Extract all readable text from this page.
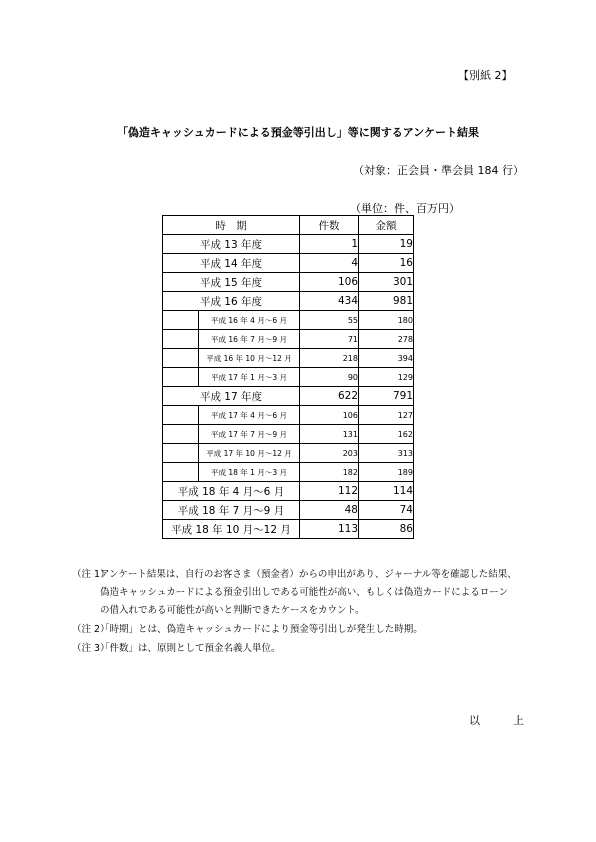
【別紙 2】
「偽造キャッシュカードによる預金等引出し」等に関するアンケート結果
（対象：正会員・準会員 184 行）
（単位：件、百万円）
時　期		件数	金額
平成 13 年度		1	19
平成 14 年度		4	16
平成 15 年度		106	301
平成 16 年度		434	981
	平成 16 年 4 月～6 月	55	180
	平成 16 年 7 月～9 月	71	278
	平成 16 年 10 月～12 月	218	394
	平成 17 年 1 月～3 月	90	129
平成 17 年度		622	791
	平成 17 年 4 月～6 月	106	127
	平成 17 年 7 月～9 月	131	162
	平成 17 年 10 月～12 月	203	313
	平成 18 年 1 月～3 月	182	189
平成 18 年 4 月～6 月		112	114
平成 18 年 7 月～9 月		48	74
平成 18 年 10 月～12 月		113	86
（注 1）
アンケート結果は、自行のお客さま（預金者）からの申出があり、ジャーナル等を確認した結果、
偽造キャッシュカードによる預金引出しである可能性が高い、もしくは偽造カードによるローン
の借入れである可能性が高いと判断できたケースをカウント。
（注 2）
「時期」とは、偽造キャッシュカードにより預金等引出しが発生した時期。
（注 3）
「件数」は、原則として預金名義人単位。
以　　　上
